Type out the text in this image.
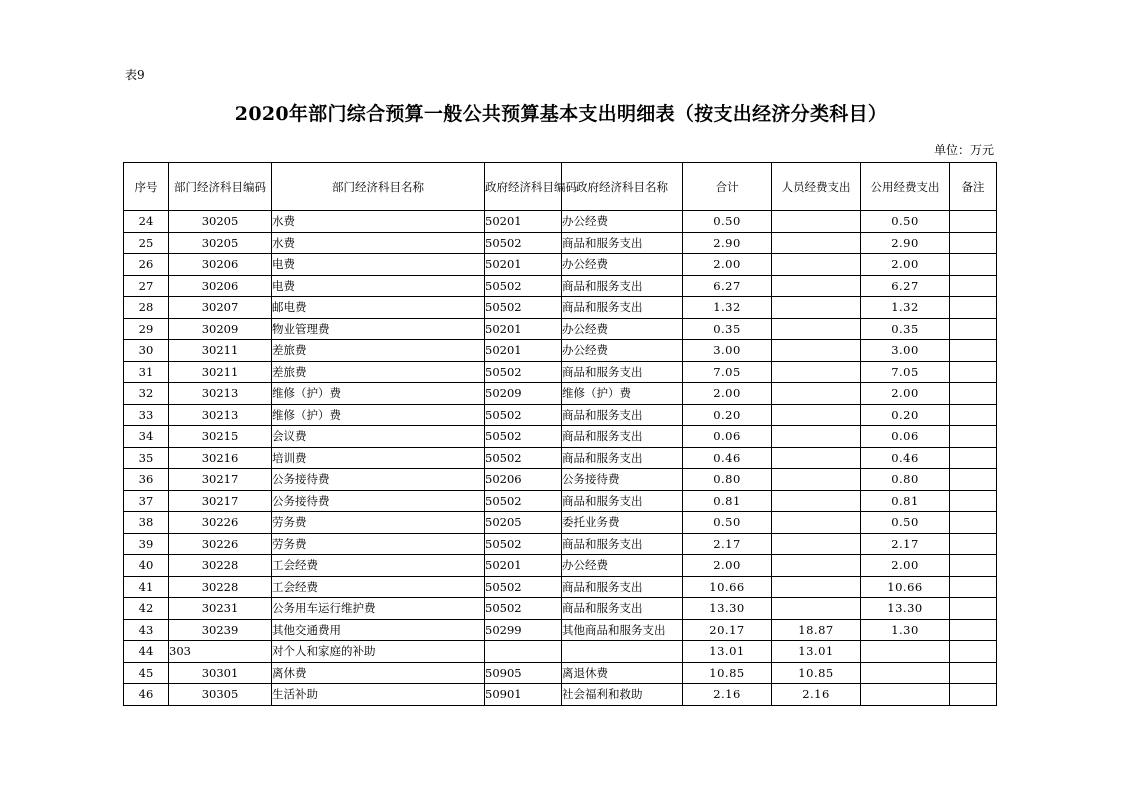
表9
2020年部门综合预算一般公共预算基本支出明细表（按支出经济分类科目）
单位：万元
序号	部门经济科目编码	部门经济科目名称	政府经济科目编码	政府经济科目名称	合计	人员经费支出	公用经费支出	备注
24	30205	水费	50201	办公经费	0.50		0.50	
25	30205	水费	50502	商品和服务支出	2.90		2.90	
26	30206	电费	50201	办公经费	2.00		2.00	
27	30206	电费	50502	商品和服务支出	6.27		6.27	
28	30207	邮电费	50502	商品和服务支出	1.32		1.32	
29	30209	物业管理费	50201	办公经费	0.35		0.35	
30	30211	差旅费	50201	办公经费	3.00		3.00	
31	30211	差旅费	50502	商品和服务支出	7.05		7.05	
32	30213	维修（护）费	50209	维修（护）费	2.00		2.00	
33	30213	维修（护）费	50502	商品和服务支出	0.20		0.20	
34	30215	会议费	50502	商品和服务支出	0.06		0.06	
35	30216	培训费	50502	商品和服务支出	0.46		0.46	
36	30217	公务接待费	50206	公务接待费	0.80		0.80	
37	30217	公务接待费	50502	商品和服务支出	0.81		0.81	
38	30226	劳务费	50205	委托业务费	0.50		0.50	
39	30226	劳务费	50502	商品和服务支出	2.17		2.17	
40	30228	工会经费	50201	办公经费	2.00		2.00	
41	30228	工会经费	50502	商品和服务支出	10.66		10.66	
42	30231	公务用车运行维护费	50502	商品和服务支出	13.30		13.30	
43	30239	其他交通费用	50299	其他商品和服务支出	20.17	18.87	1.30	
44	303	对个人和家庭的补助			13.01	13.01		
45	30301	离休费	50905	离退休费	10.85	10.85		
46	30305	生活补助	50901	社会福利和救助	2.16	2.16		
